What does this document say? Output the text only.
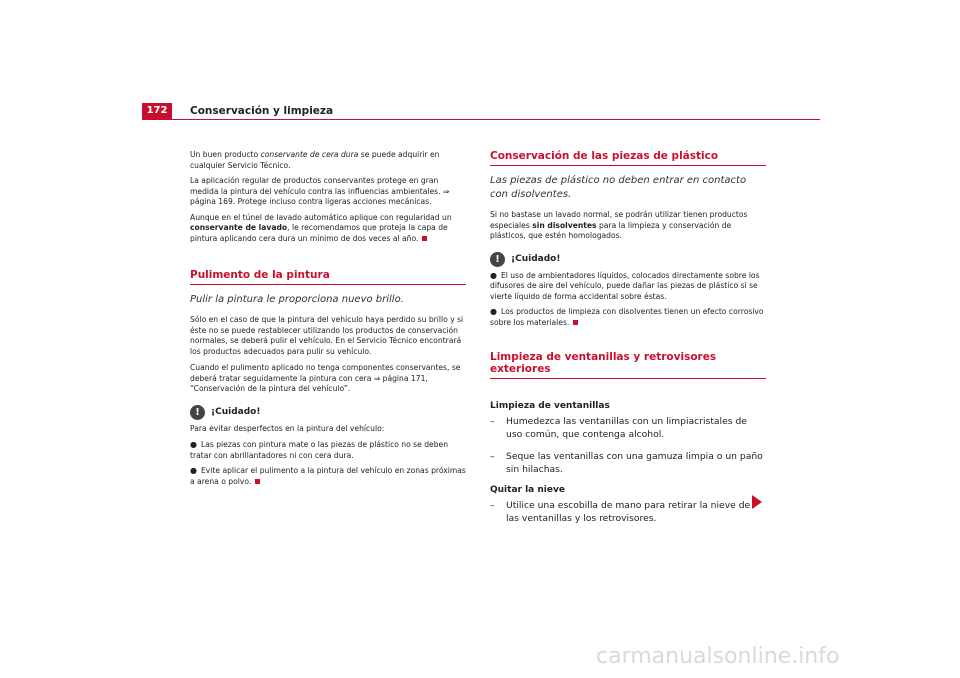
172	Conservación y limpieza

Un buen producto conservante de cera dura se puede adquirir en cualquier Servicio Técnico.

La aplicación regular de productos conservantes protege en gran medida la pintura del vehículo contra las influencias ambientales. ⇒ página 169. Protege incluso contra ligeras acciones mecánicas.

Aunque en el túnel de lavado automático aplique con regularidad un conservante de lavado, le recomendamos que proteja la capa de pintura aplicando cera dura un mínimo de dos veces al año.

Pulimento de la pintura
Pulir la pintura le proporciona nuevo brillo.

Sólo en el caso de que la pintura del vehículo haya perdido su brillo y si éste no se puede restablecer utilizando los productos de conservación normales, se deberá pulir el vehículo. En el Servicio Técnico encontrará los productos adecuados para pulir su vehículo.

Cuando el pulimento aplicado no tenga componentes conservantes, se deberá tratar seguidamente la pintura con cera ⇒ página 171, “Conservación de la pintura del vehículo”.

!	¡Cuidado!

Para evitar desperfectos en la pintura del vehículo:

● Las piezas con pintura mate o las piezas de plástico no se deben tratar con abrillantadores ni con cera dura.

● Evite aplicar el pulimento a la pintura del vehículo en zonas próximas a arena o polvo.

Conservación de las piezas de plástico
Las piezas de plástico no deben entrar en contacto con disolventes.

Si no bastase un lavado normal, se podrán utilizar tienen productos especiales sin disolventes para la limpieza y conservación de plásticos, que estén homologados.

!	¡Cuidado!

● El uso de ambientadores líquidos, colocados directamente sobre los difusores de aire del vehículo, puede dañar las piezas de plástico si se vierte líquido de forma accidental sobre éstas.

● Los productos de limpieza con disolventes tienen un efecto corrosivo sobre los materiales.

Limpieza de ventanillas y retrovisores exteriores
Limpieza de ventanillas
–	Humedezca las ventanillas con un limpiacristales de uso común, que contenga alcohol.
–	Seque las ventanillas con una gamuza limpia o un paño sin hilachas.
Quitar la nieve
–	Utilice una escobilla de mano para retirar la nieve de las ventanillas y los retrovisores.
carmanualsonline.info
